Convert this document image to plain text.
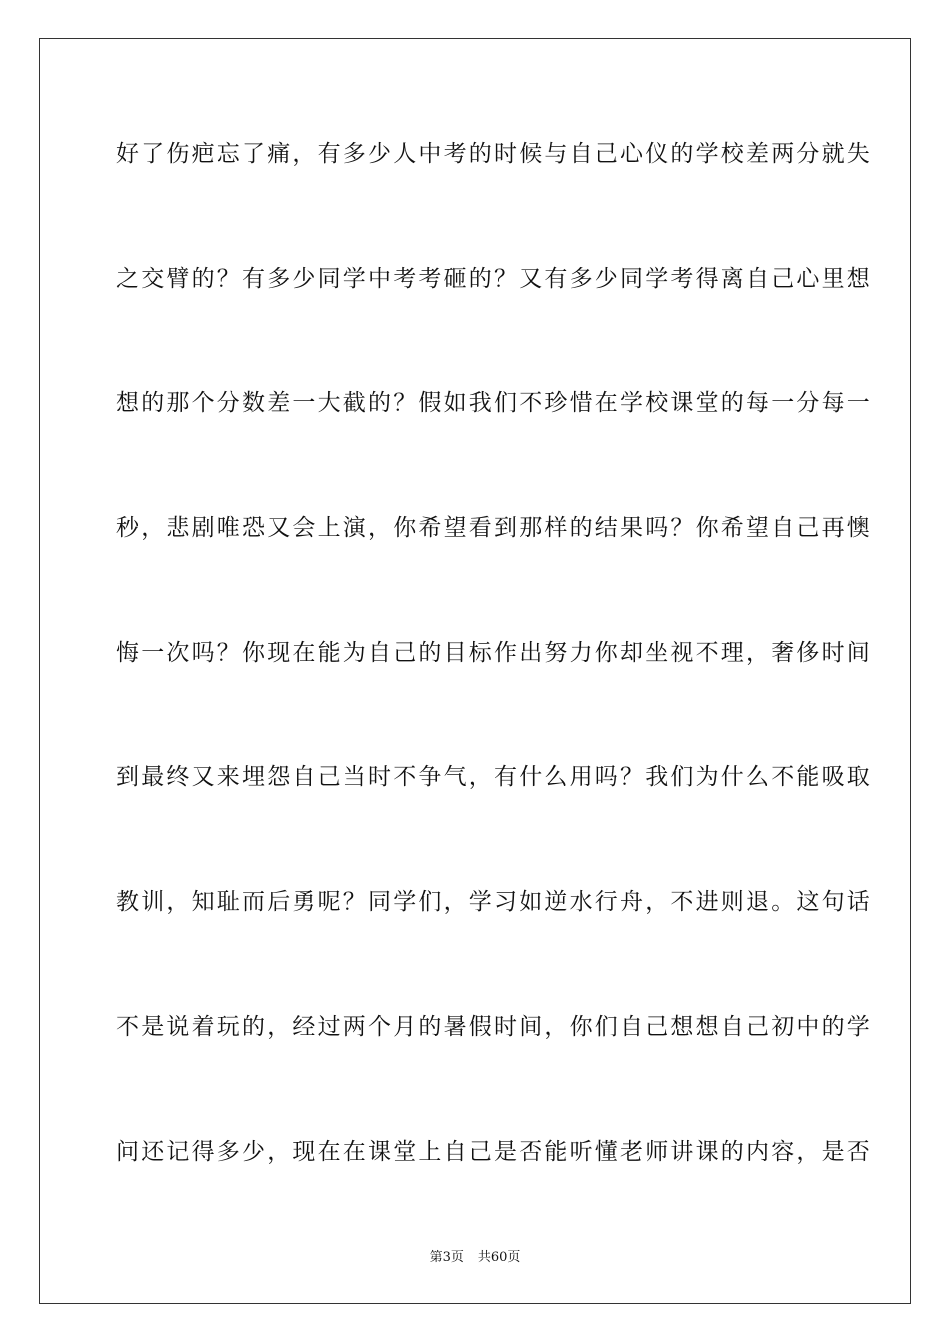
好了伤疤忘了痛，有多少人中考的时候与自己心仪的学校差两分就失
之交臂的？有多少同学中考考砸的？又有多少同学考得离自己心里想
想的那个分数差一大截的？假如我们不珍惜在学校课堂的每一分每一
秒，悲剧唯恐又会上演，你希望看到那样的结果吗？你希望自己再懊
悔一次吗？你现在能为自己的目标作出努力你却坐视不理，奢侈时间
到最终又来埋怨自己当时不争气，有什么用吗？我们为什么不能吸取
教训，知耻而后勇呢？同学们，学习如逆水行舟，不进则退。这句话
不是说着玩的，经过两个月的暑假时间，你们自己想想自己初中的学
问还记得多少，现在在课堂上自己是否能听懂老师讲课的内容，是否
第3页 共60页
